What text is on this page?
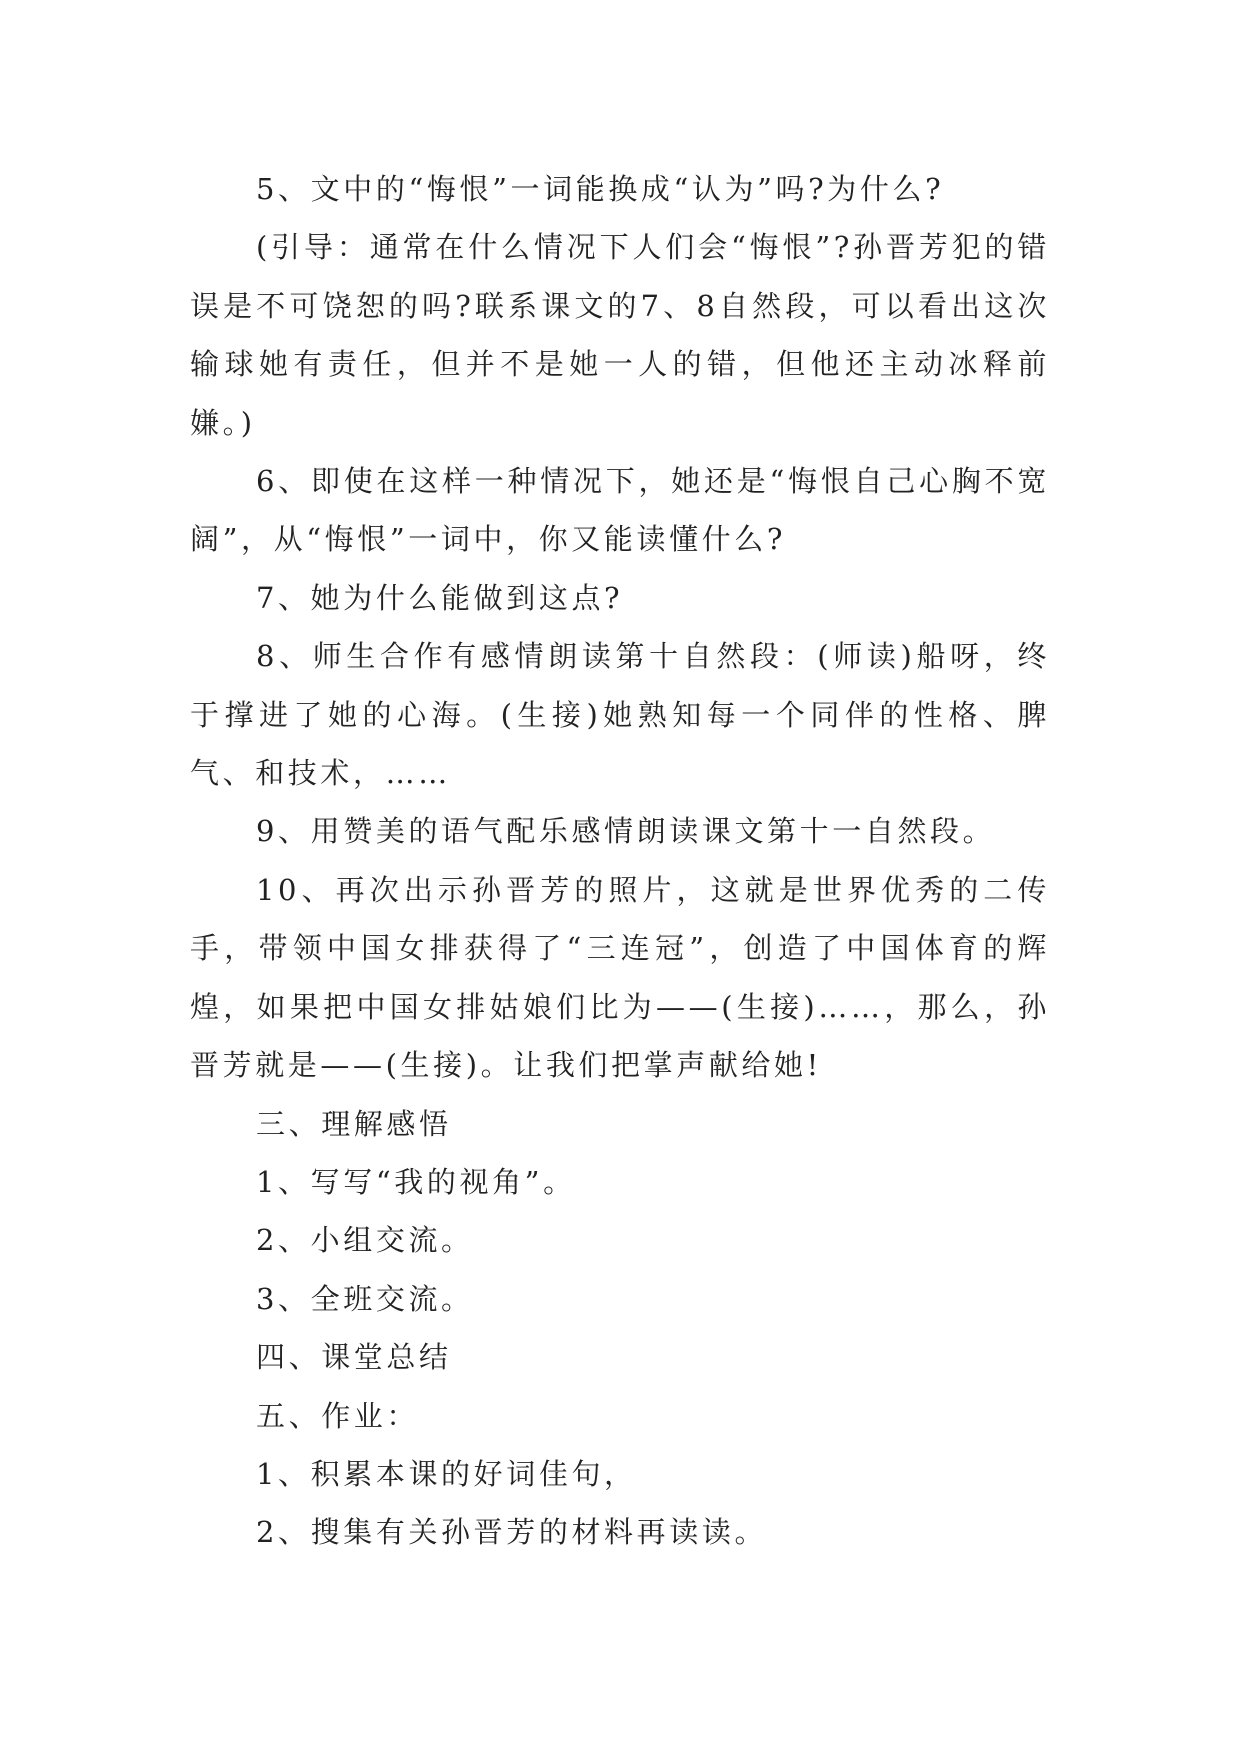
5、文中的“悔恨”一词能换成“认为”吗?为什么?

(引导：通常在什么情况下人们会“悔恨”?孙晋芳犯的错误是不可饶恕的吗?联系课文的7、8自然段，可以看出这次输球她有责任，但并不是她一人的错，但他还主动冰释前嫌。)

6、即使在这样一种情况下，她还是“悔恨自己心胸不宽阔”，从“悔恨”一词中，你又能读懂什么?

7、她为什么能做到这点?

8、师生合作有感情朗读第十自然段：(师读)船呀，终于撑进了她的心海。(生接)她熟知每一个同伴的性格、脾气、和技术，……

9、用赞美的语气配乐感情朗读课文第十一自然段。

10、再次出示孙晋芳的照片，这就是世界优秀的二传手，带领中国女排获得了“三连冠”，创造了中国体育的辉煌，如果把中国女排姑娘们比为——(生接)……，那么，孙晋芳就是——(生接)。让我们把掌声献给她!

三、理解感悟

1、写写“我的视角”。

2、小组交流。

3、全班交流。

四、课堂总结

五、作业：

1、积累本课的好词佳句，

2、搜集有关孙晋芳的材料再读读。
